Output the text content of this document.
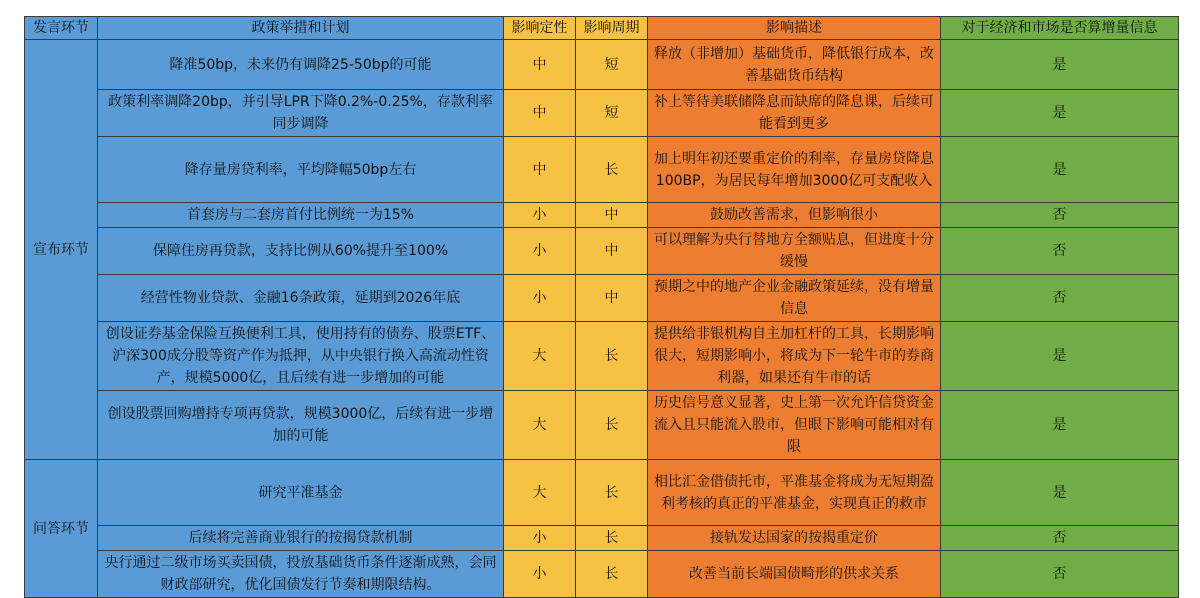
发言环节	政策举措和计划	影响定性	影响周期	影响描述	对于经济和市场是否算增量信息
宣布环节	降准50bp，未来仍有调降25-50bp的可能	中	短	释放（非增加）基础货币，降低银行成本，改善基础货币结构	是
	政策利率调降20bp，并引导LPR下降0.2%-0.25%，存款利率同步调降	中	短	补上等待美联储降息而缺席的降息课，后续可能看到更多	是
	降存量房贷利率，平均降幅50bp左右	中	长	加上明年初还要重定价的利率，存量房贷降息100BP，为居民每年增加3000亿可支配收入	是
	首套房与二套房首付比例统一为15%	小	中	鼓励改善需求，但影响很小	否
	保障住房再贷款，支持比例从60%提升至100%	小	中	可以理解为央行替地方全额贴息，但进度十分缓慢	否
	经营性物业贷款、金融16条政策，延期到2026年底	小	中	预期之中的地产企业金融政策延续，没有增量信息	否
	创设证券基金保险互换便利工具，使用持有的债券、股票ETF、沪深300成分股等资产作为抵押，从中央银行换入高流动性资产，规模5000亿，且后续有进一步增加的可能	大	长	提供给非银机构自主加杠杆的工具，长期影响很大，短期影响小，将成为下一轮牛市的券商利器，如果还有牛市的话	是
	创设股票回购增持专项再贷款，规模3000亿，后续有进一步增加的可能	大	长	历史信号意义显著，史上第一次允许信贷资金流入且只能流入股市，但眼下影响可能相对有限	是
问答环节	研究平准基金	大	长	相比汇金借债托市，平准基金将成为无短期盈利考核的真正的平准基金，实现真正的救市	是
	后续将完善商业银行的按揭贷款机制	小	长	接轨发达国家的按揭重定价	否
	央行通过二级市场买卖国债，投放基础货币条件逐渐成熟，会同财政部研究，优化国债发行节奏和期限结构。	小	长	改善当前长端国债畸形的供求关系	否
